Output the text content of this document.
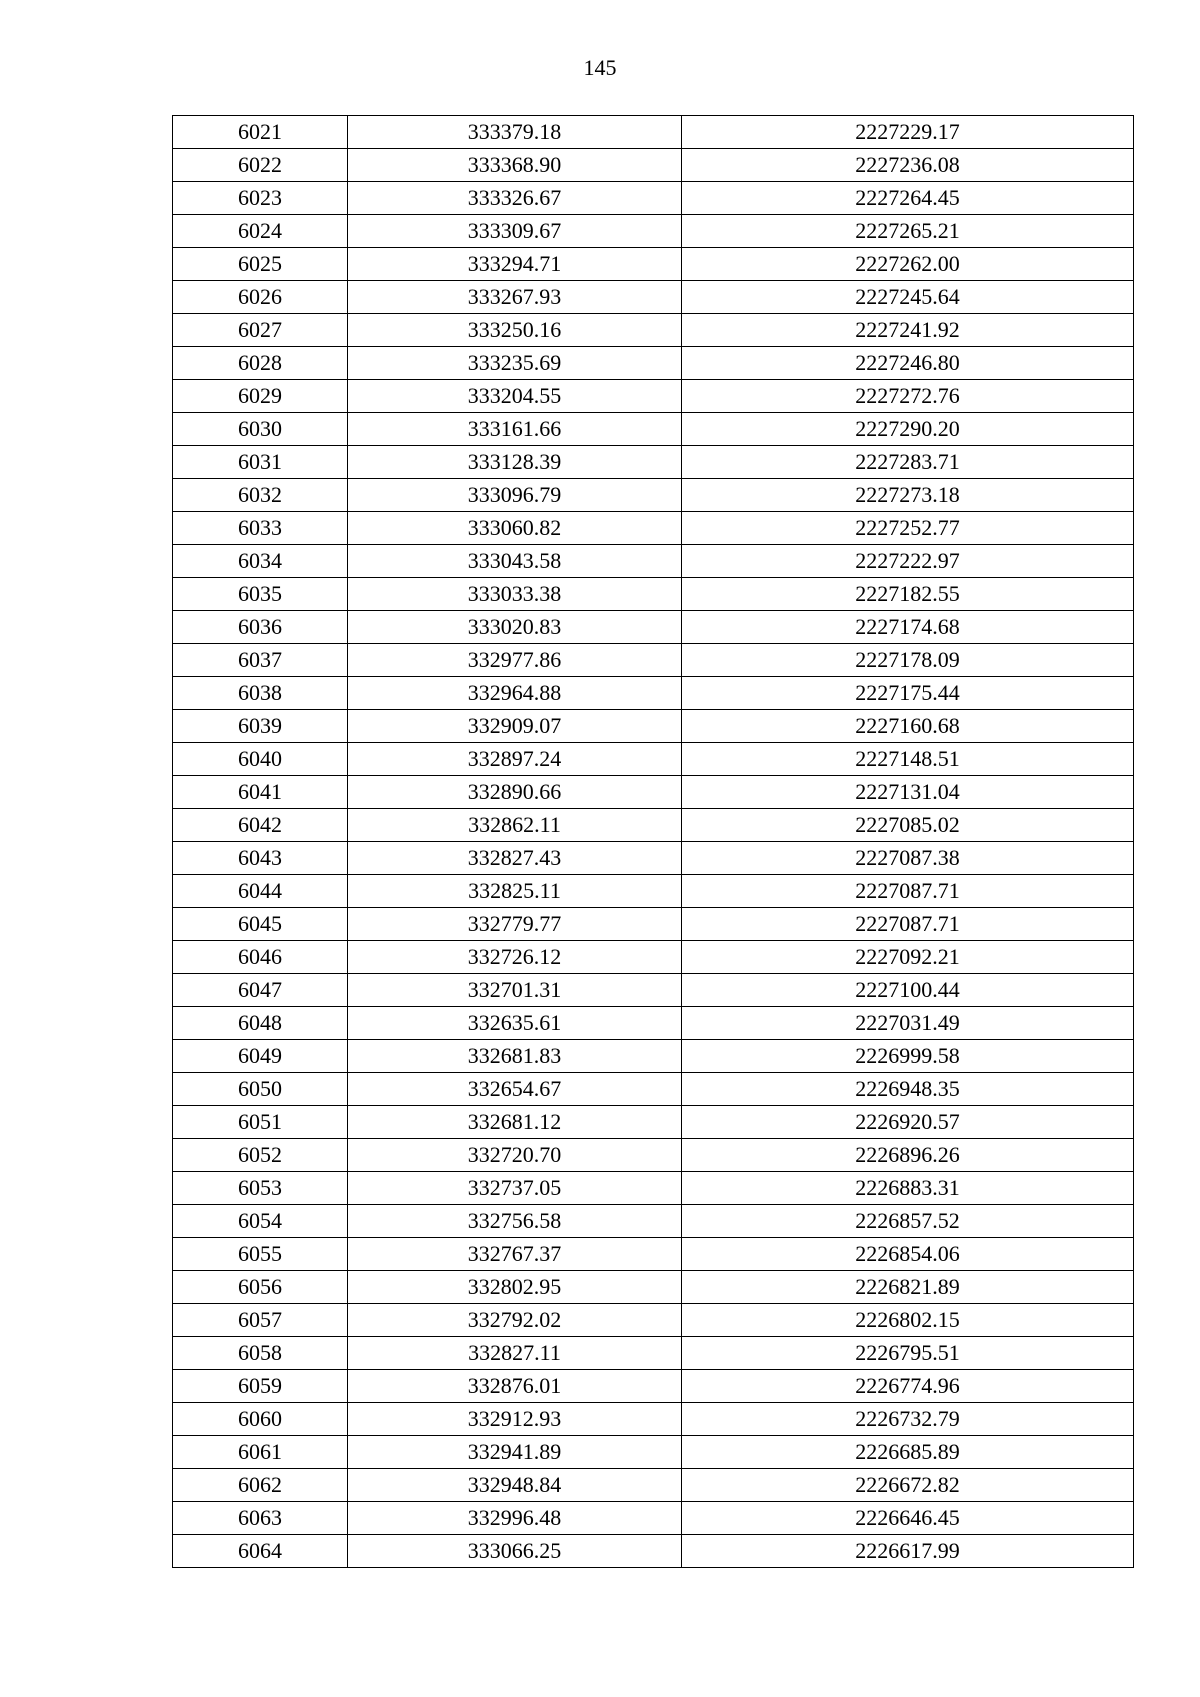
145
6021	333379.18	2227229.17
6022	333368.90	2227236.08
6023	333326.67	2227264.45
6024	333309.67	2227265.21
6025	333294.71	2227262.00
6026	333267.93	2227245.64
6027	333250.16	2227241.92
6028	333235.69	2227246.80
6029	333204.55	2227272.76
6030	333161.66	2227290.20
6031	333128.39	2227283.71
6032	333096.79	2227273.18
6033	333060.82	2227252.77
6034	333043.58	2227222.97
6035	333033.38	2227182.55
6036	333020.83	2227174.68
6037	332977.86	2227178.09
6038	332964.88	2227175.44
6039	332909.07	2227160.68
6040	332897.24	2227148.51
6041	332890.66	2227131.04
6042	332862.11	2227085.02
6043	332827.43	2227087.38
6044	332825.11	2227087.71
6045	332779.77	2227087.71
6046	332726.12	2227092.21
6047	332701.31	2227100.44
6048	332635.61	2227031.49
6049	332681.83	2226999.58
6050	332654.67	2226948.35
6051	332681.12	2226920.57
6052	332720.70	2226896.26
6053	332737.05	2226883.31
6054	332756.58	2226857.52
6055	332767.37	2226854.06
6056	332802.95	2226821.89
6057	332792.02	2226802.15
6058	332827.11	2226795.51
6059	332876.01	2226774.96
6060	332912.93	2226732.79
6061	332941.89	2226685.89
6062	332948.84	2226672.82
6063	332996.48	2226646.45
6064	333066.25	2226617.99
